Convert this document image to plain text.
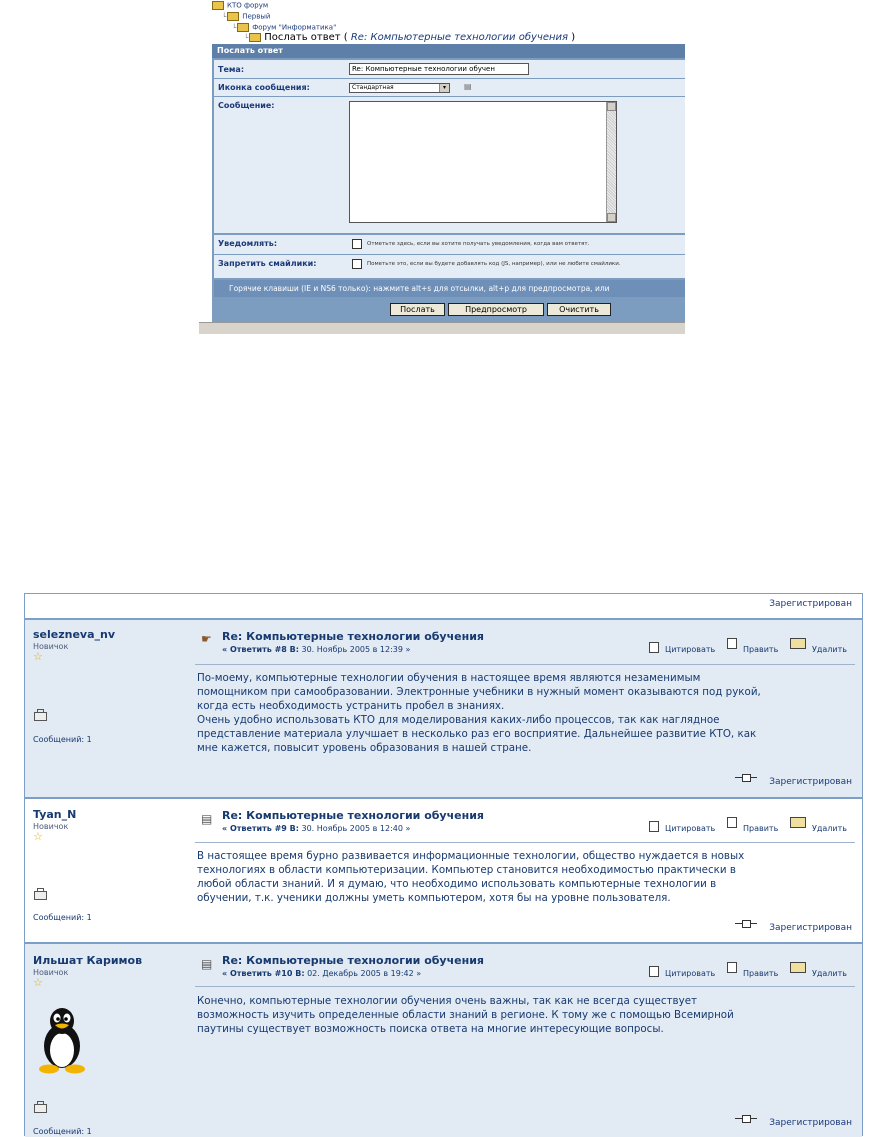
КТО форум
└ Первый
└ Форум "Информатика"
└ Послать ответ ( Re: Компьютерные технологии обучения )
Послать ответ
Тема:	Re: Компьютерные технологии обучен
Иконка сообщения:	Стандартная	▾	▤
Сообщение:
Уведомлять:	Отметьте здесь, если вы хотите получать уведомления, когда вам ответят.
Запретить смайлики:	Пометьте это, если вы будете добавлять код (JS, например), или не любите смайлики.
Горячие клавиши (IE и NS6 только): нажмите alt+s для отсылки, alt+p для предпросмотра, или
Послать	Предпросмотр	Очистить
Зарегистрирован
selezneva_nv
Новичок
☆
Сообщений: 1
☛ Re: Компьютерные технологии обучения
« Ответить #8 В: 30. Ноябрь 2005 в 12:39 »	Цитировать	Править	Удалить

По-моему, компьютерные технологии обучения в настоящее время являются незаменимым

помощником при самообразовании. Электронные учебники в нужный момент оказываются под рукой,

когда есть необходимость устранить пробел в знаниях.

Очень удобно использовать КТО для моделирования каких-либо процессов, так как наглядное

представление материала улучшает в несколько раз его восприятие. Дальнейшее развитие КТО, как

мне кажется, повысит уровень образования в нашей стране.

Зарегистрирован
Tyan_N
Новичок
☆
Сообщений: 1
▤ Re: Компьютерные технологии обучения
« Ответить #9 В: 30. Ноябрь 2005 в 12:40 »	Цитировать	Править	Удалить

В настоящее время бурно развивается информационные технологии, общество нуждается в новых

технологиях в области компьютеризации. Компьютер становится необходимостью практически в

любой области знаний. И я думаю, что необходимо использовать компьютерные технологии в

обучении, т.к. ученики должны уметь компьютером, хотя бы на уровне пользователя.

Зарегистрирован
Ильшат Каримов
Новичок
☆
Сообщений: 1
▤ Re: Компьютерные технологии обучения
« Ответить #10 В: 02. Декабрь 2005 в 19:42 »	Цитировать	Править	Удалить

Конечно, компьютерные технологии обучения очень важны, так как не всегда существует

возможность изучить определенные области знаний в регионе. К тому же с помощью Всемирной

паутины существует возможность поиска ответа на многие интересующие вопросы.

Зарегистрирован
